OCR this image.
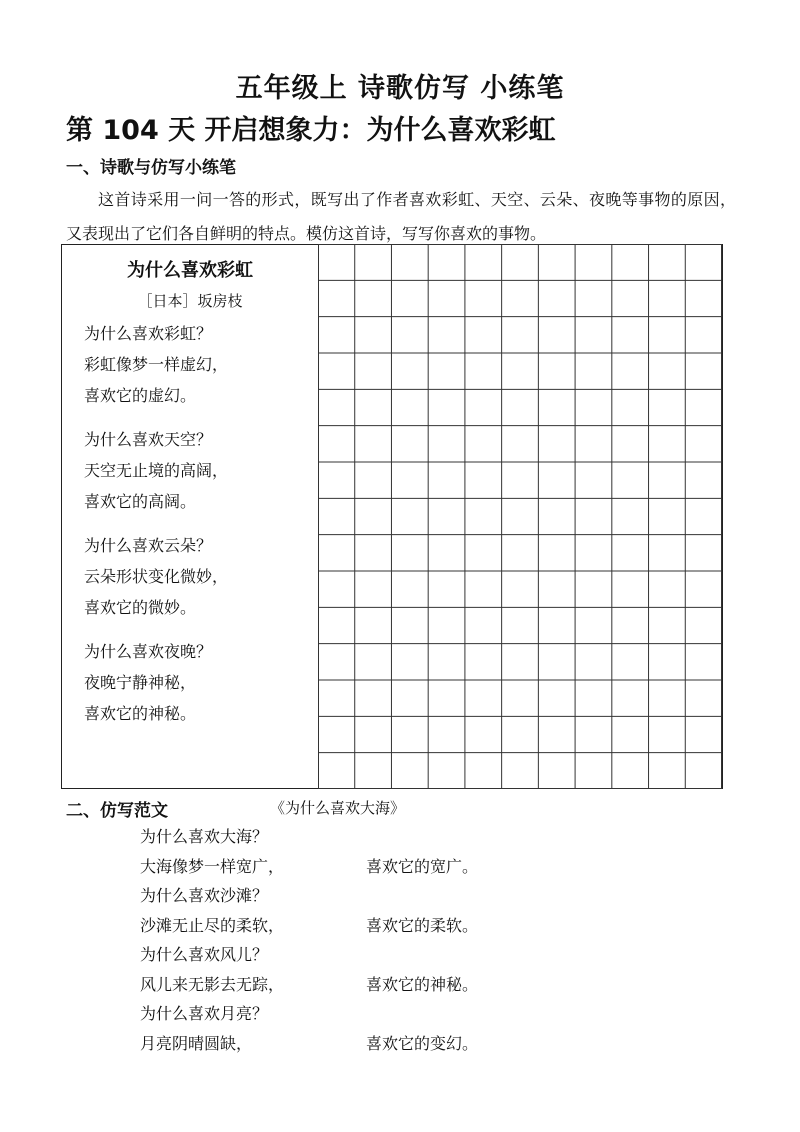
五年级上 诗歌仿写 小练笔
第 104 天 开启想象力：为什么喜欢彩虹
一、诗歌与仿写小练笔
这首诗采用一问一答的形式，既写出了作者喜欢彩虹、天空、云朵、夜晚等事物的原因，又表现出了它们各自鲜明的特点。模仿这首诗，写写你喜欢的事物。
为什么喜欢彩虹
［日本］坂房枝
为什么喜欢彩虹？
彩虹像梦一样虚幻，
喜欢它的虚幻。
为什么喜欢天空？
天空无止境的高阔，
喜欢它的高阔。
为什么喜欢云朵？
云朵形状变化微妙，
喜欢它的微妙。
为什么喜欢夜晚？
夜晚宁静神秘，
喜欢它的神秘。
二、仿写范文	《为什么喜欢大海》
为什么喜欢大海？
大海像梦一样宽广，	喜欢它的宽广。
为什么喜欢沙滩？
沙滩无止尽的柔软，	喜欢它的柔软。
为什么喜欢风儿？
风儿来无影去无踪，	喜欢它的神秘。
为什么喜欢月亮？
月亮阴晴圆缺，	喜欢它的变幻。
